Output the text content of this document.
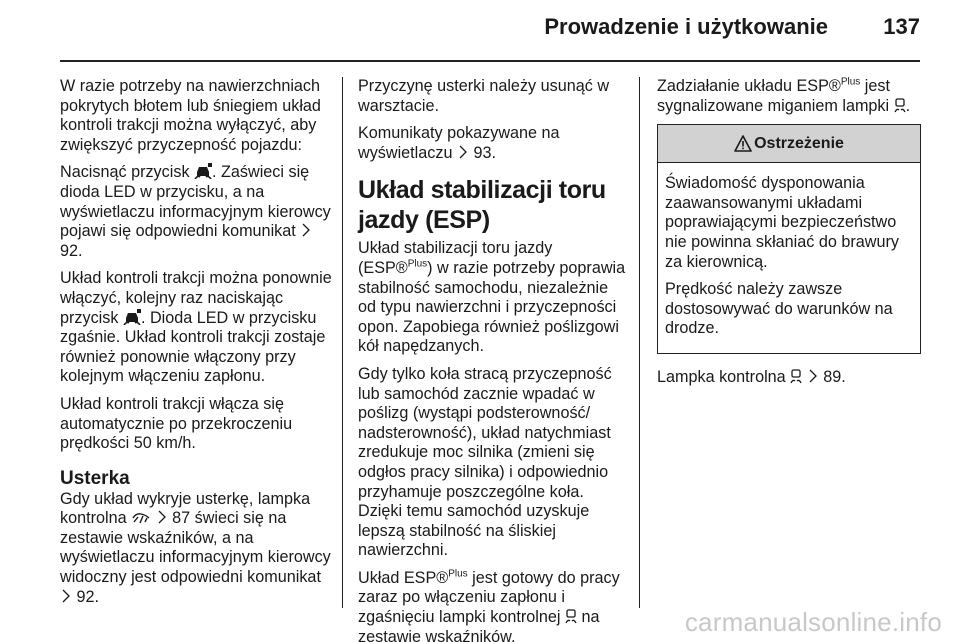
Prowadzenie i użytkowanie	137

W razie potrzeby na nawierzchniach pokrytych błotem lub śniegiem układ kontroli trakcji można wyłączyć, aby zwiększyć przyczepność pojazdu:

Nacisnąć przycisk . Zaświeci się dioda LED w przycisku, a na wyświetlaczu informacyjnym kierowcy pojawi się odpowiedni komunikat  92.

Układ kontroli trakcji można ponownie włączyć, kolejny raz naciskając przycisk . Dioda LED w przycisku zgaśnie. Układ kontroli trakcji zostaje również ponownie włączony przy kolejnym włączeniu zapłonu.

Układ kontroli trakcji włącza się automatycznie po przekroczeniu prędkości 50 km/h.

Usterka

Gdy układ wykryje usterkę, lampka kontrolna	87 świeci się na zestawie wskaźników, a na wyświetlaczu informacyjnym kierowcy widoczny jest odpowiedni komunikat  92.

Przyczynę usterki należy usunąć w warsztacie.

Komunikaty pokazywane na wyświetlaczu  93.

Układ stabilizacji toru jazdy (ESP)

Układ stabilizacji toru jazdy (ESP®$^{Plus}$) w razie potrzeby poprawia stabilność samochodu, niezależnie od typu nawierzchni i przyczepności opon. Zapobiega również poślizgowi kół napędzanych.

Gdy tylko koła stracą przyczepność lub samochód zacznie wpadać w poślizg (wystąpi podsterowność/ nadsterowność), układ natychmiast zredukuje moc silnika (zmieni się odgłos pracy silnika) i odpowiednio przyhamuje poszczególne koła. Dzięki temu samochód uzyskuje lepszą stabilność na śliskiej nawierzchni.

Układ ESP®$^{Plus}$ jest gotowy do pracy zaraz po włączeniu zapłonu i zgaśnięciu lampki kontrolnej  na zestawie wskaźników.

Zadziałanie układu ESP®$^{Plus}$ jest sygnalizowane miganiem lampki .

Ostrzeżenie

Świadomość dysponowania zaawansowanymi układami poprawiającymi bezpieczeństwo nie powinna skłaniać do brawury za kierownicą.

Prędkość należy zawsze dostosowywać do warunków na drodze.

Lampka kontrolna   89.

carmanualsonline.info
